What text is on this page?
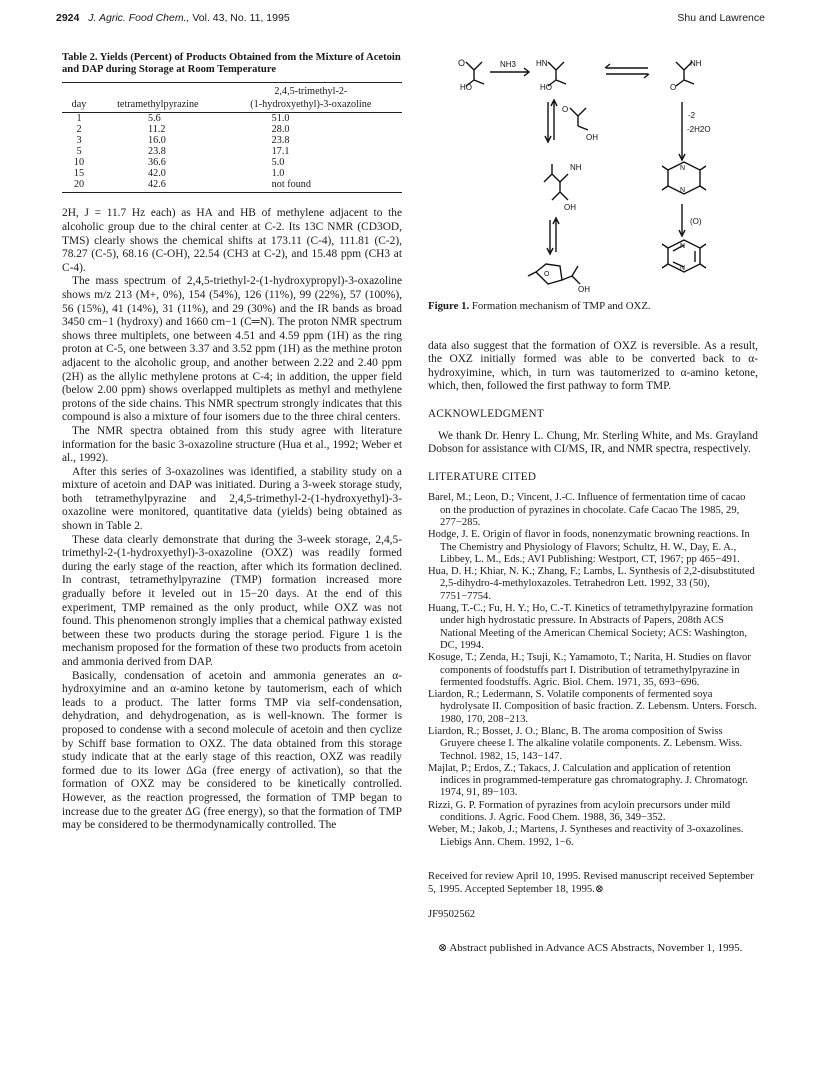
2924 J. Agric. Food Chem., Vol. 43, No. 11, 1995	Shu and Lawrence
Table 2. Yields (Percent) of Products Obtained from the Mixture of Acetoin and DAP during Storage at Room Temperature
		2,4,5-trimethyl-2-
day	tetramethylpyrazine	(1-hydroxyethyl)-3-oxazoline
1	5.6	51.0
2	11.2	28.0
3	16.0	23.8
5	23.8	17.1
10	36.6	5.0
15	42.0	1.0
20	42.6	not found

2H, J = 11.7 Hz each) as HA and HB of methylene adjacent to the alcoholic group due to the chiral center at C-2. Its 13C NMR (CD3OD, TMS) clearly shows the chemical shifts at 173.11 (C-4), 111.81 (C-2), 78.27 (C-5), 68.16 (C-OH), 22.54 (CH3 at C-2), and 15.48 ppm (CH3 at C-4).

The mass spectrum of 2,4,5-triethyl-2-(1-hydroxypropyl)-3-oxazoline shows m/z 213 (M+, 0%), 154 (54%), 126 (11%), 99 (22%), 57 (100%), 56 (15%), 41 (14%), 31 (11%), and 29 (30%) and the IR bands as broad 3450 cm−1 (hydroxy) and 1660 cm−1 (C═N). The proton NMR spectrum shows three multiplets, one between 4.51 and 4.59 ppm (1H) as the ring proton at C-5, one between 3.37 and 3.52 ppm (1H) as the methine proton adjacent to the alcoholic group, and another between 2.22 and 2.40 ppm (2H) as the allylic methylene protons at C-4; in addition, the upper field (below 2.00 ppm) shows overlapped multiplets as methyl and methylene protons of the side chains. This NMR spectrum strongly indicates that this compound is also a mixture of four isomers due to the three chiral centers.

The NMR spectra obtained from this study agree with literature information for the basic 3-oxazoline structure (Hua et al., 1992; Weber et al., 1992).

After this series of 3-oxazolines was identified, a stability study on a mixture of acetoin and DAP was initiated. During a 3-week storage study, both tetramethylpyrazine and 2,4,5-trimethyl-2-(1-hydroxyethyl)-3-oxazoline were monitored, quantitative data (yields) being obtained as shown in Table 2.

These data clearly demonstrate that during the 3-week storage, 2,4,5-trimethyl-2-(1-hydroxyethyl)-3-oxazoline (OXZ) was readily formed during the early stage of the reaction, after which its formation declined. In contrast, tetramethylpyrazine (TMP) formation increased more gradually before it leveled out in 15−20 days. At the end of this experiment, TMP remained as the only product, while OXZ was not found. This phenomenon strongly implies that a chemical pathway existed between these two products during the storage period. Figure 1 is the mechanism proposed for the formation of these two products from acetoin and ammonia derived from DAP.

Basically, condensation of acetoin and ammonia generates an α-hydroxyimine and an α-amino ketone by tautomerism, each of which leads to a product. The latter forms TMP via self-condensation, dehydration, and dehydrogenation, as is well-known. The former is proposed to condense with a second molecule of acetoin and then cyclize by Schiff base formation to OXZ. The data obtained from this storage study indicate that at the early stage of this reaction, OXZ was readily formed due to its lower ΔGa (free energy of activation), so that the formation of OXZ may be considered to be kinetically controlled. However, as the reaction progressed, the formation of TMP began to increase due to the greater ΔG (free energy), so that the formation of TMP may be considered to be thermodynamically controlled. The

O
HO
NH3 HN
HO
NH
O
O
OH
-2
-2H2O
NH
OH
N
N
(O)
O
OH
N
N
Figure 1. Formation mechanism of TMP and OXZ.

data also suggest that the formation of OXZ is reversible. As a result, the OXZ initially formed was able to be converted back to α-hydroxyimine, which, in turn was tautomerized to α-amino ketone, which, then, followed the first pathway to form TMP.

ACKNOWLEDGMENT

We thank Dr. Henry L. Chung, Mr. Sterling White, and Ms. Grayland Dobson for assistance with CI/MS, IR, and NMR spectra, respectively.

LITERATURE CITED
Barel, M.; Leon, D.; Vincent, J.-C. Influence of fermentation time of cacao on the production of pyrazines in chocolate. Cafe Cacao The 1985, 29, 277−285.
Hodge, J. E. Origin of flavor in foods, nonenzymatic browning reactions. In The Chemistry and Physiology of Flavors; Schultz, H. W., Day, E. A., Libbey, L. M., Eds.; AVI Publishing: Westport, CT, 1967; pp 465−491.
Hua, D. H.; Khiar, N. K.; Zhang, F.; Lambs, L. Synthesis of 2,2-disubstituted 2,5-dihydro-4-methyloxazoles. Tetrahedron Lett. 1992, 33 (50), 7751−7754.
Huang, T.-C.; Fu, H. Y.; Ho, C.-T. Kinetics of tetramethylpyrazine formation under high hydrostatic pressure. In Abstracts of Papers, 208th ACS National Meeting of the American Chemical Society; ACS: Washington, DC, 1994.
Kosuge, T.; Zenda, H.; Tsuji, K.; Yamamoto, T.; Narita, H. Studies on flavor components of foodstuffs part I. Distribution of tetramethylpyrazine in fermented foodstuffs. Agric. Biol. Chem. 1971, 35, 693−696.
Liardon, R.; Ledermann, S. Volatile components of fermented soya hydrolysate II. Composition of basic fraction. Z. Lebensm. Unters. Forsch. 1980, 170, 208−213.
Liardon, R.; Bosset, J. O.; Blanc, B. The aroma composition of Swiss Gruyere cheese I. The alkaline volatile components. Z. Lebensm. Wiss. Technol. 1982, 15, 143−147.
Majlat, P.; Erdos, Z.; Takacs, J. Calculation and application of retention indices in programmed-temperature gas chromatography. J. Chromatogr. 1974, 91, 89−103.
Rizzi, G. P. Formation of pyrazines from acyloin precursors under mild conditions. J. Agric. Food Chem. 1988, 36, 349−352.
Weber, M.; Jakob, J.; Martens, J. Syntheses and reactivity of 3-oxazolines. Liebigs Ann. Chem. 1992, 1−6.

Received for review April 10, 1995. Revised manuscript received September 5, 1995. Accepted September 18, 1995.⊗

JF9502562

⊗ Abstract published in Advance ACS Abstracts, November 1, 1995.
